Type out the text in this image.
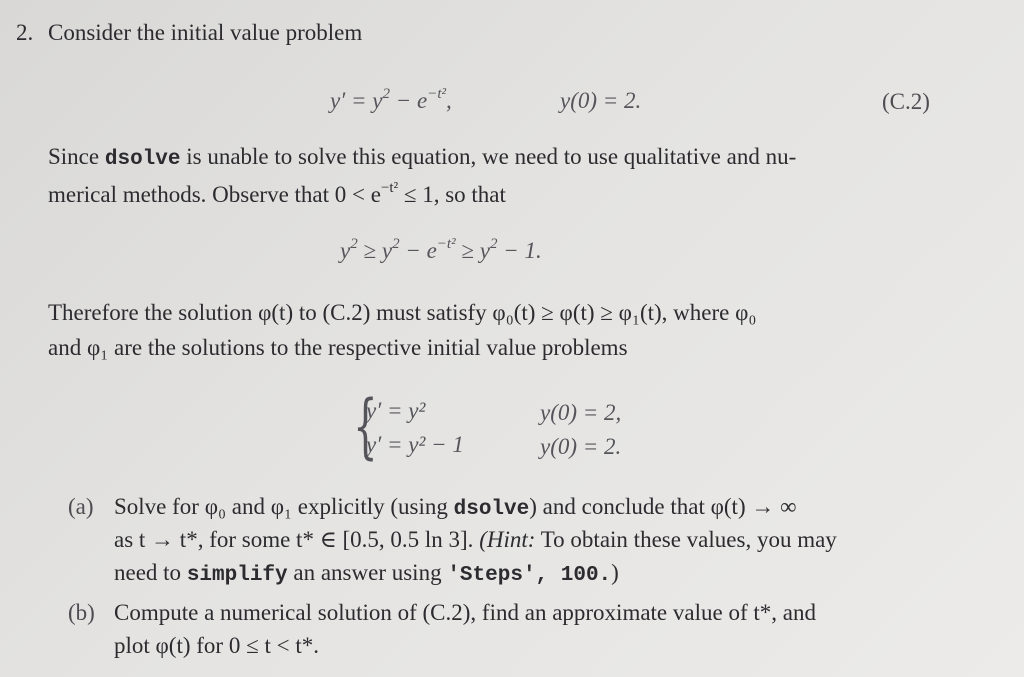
2. Consider the initial value problem
$y' = y^2 - e^{-t^2}$,	y(0) = 2.	(C.2)
Since dsolve is unable to solve this equation, we need to use qualitative and nu-
merical methods. Observe that $0 < e^{-t^2} \le 1$, so that
$y^2 \ge y^2 - e^{-t^2} \ge y^2 - 1$.
Therefore the solution φ(t) to (C.2) must satisfy φ₀(t) ≥ φ(t) ≥ φ₁(t), where φ₀
and φ₁ are the solutions to the respective initial value problems
{
y′ = y²	y(0) = 2,
y′ = y² − 1	y(0) = 2.
(a) Solve for φ₀ and φ₁ explicitly (using dsolve) and conclude that φ(t) → ∞
as t → t*, for some t* ∈ [0.5, 0.5 ln 3]. (Hint: To obtain these values, you may
need to simplify an answer using 'Steps', 100.)
(b) Compute a numerical solution of (C.2), find an approximate value of t*, and
plot φ(t) for 0 ≤ t < t*.
